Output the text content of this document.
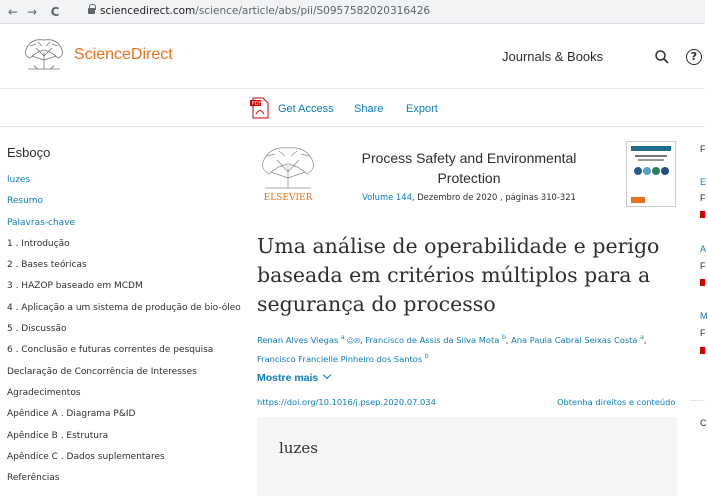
← → C	sciencedirect.com/science/article/abs/pii/S0957582020316426
ScienceDirect	Journals & Books	?
PDF Get Access Share Export
Esboço
luzes
Resumo
Palavras-chave
1 . Introdução
2 . Bases teóricas
3 . HAZOP baseado em MCDM
4 . Aplicação a um sistema de produção de bio-óleo
5 . Discussão
6 . Conclusão e futuras correntes de pesquisa
Declaração de Concorrência de Interesses
Agradecimentos
Apêndice A . Diagrama P&ID
Apêndice B . Estrutura
Apêndice C . Dados suplementares
Referências
ELSEVIER
Process Safety and Environmental Protection
Volume 144, Dezembro de 2020 , páginas 310-321
Uma análise de operabilidade e perigo baseada em critérios múltiplos para a segurança do processo
Renan Alves Viegas $^a$ ☹✉, Francisco de Assis da Silva Mota $^b$, Ana Paula Cabral Seixas Costa $^a$, Francisco Francielle Pinheiro dos Santos $^b$
Mostre mais
https://doi.org/10.1016/j.psep.2020.07.034	Obtenha direitos e conteúdo
luzes
F
E
F
A
F
M
F
C
